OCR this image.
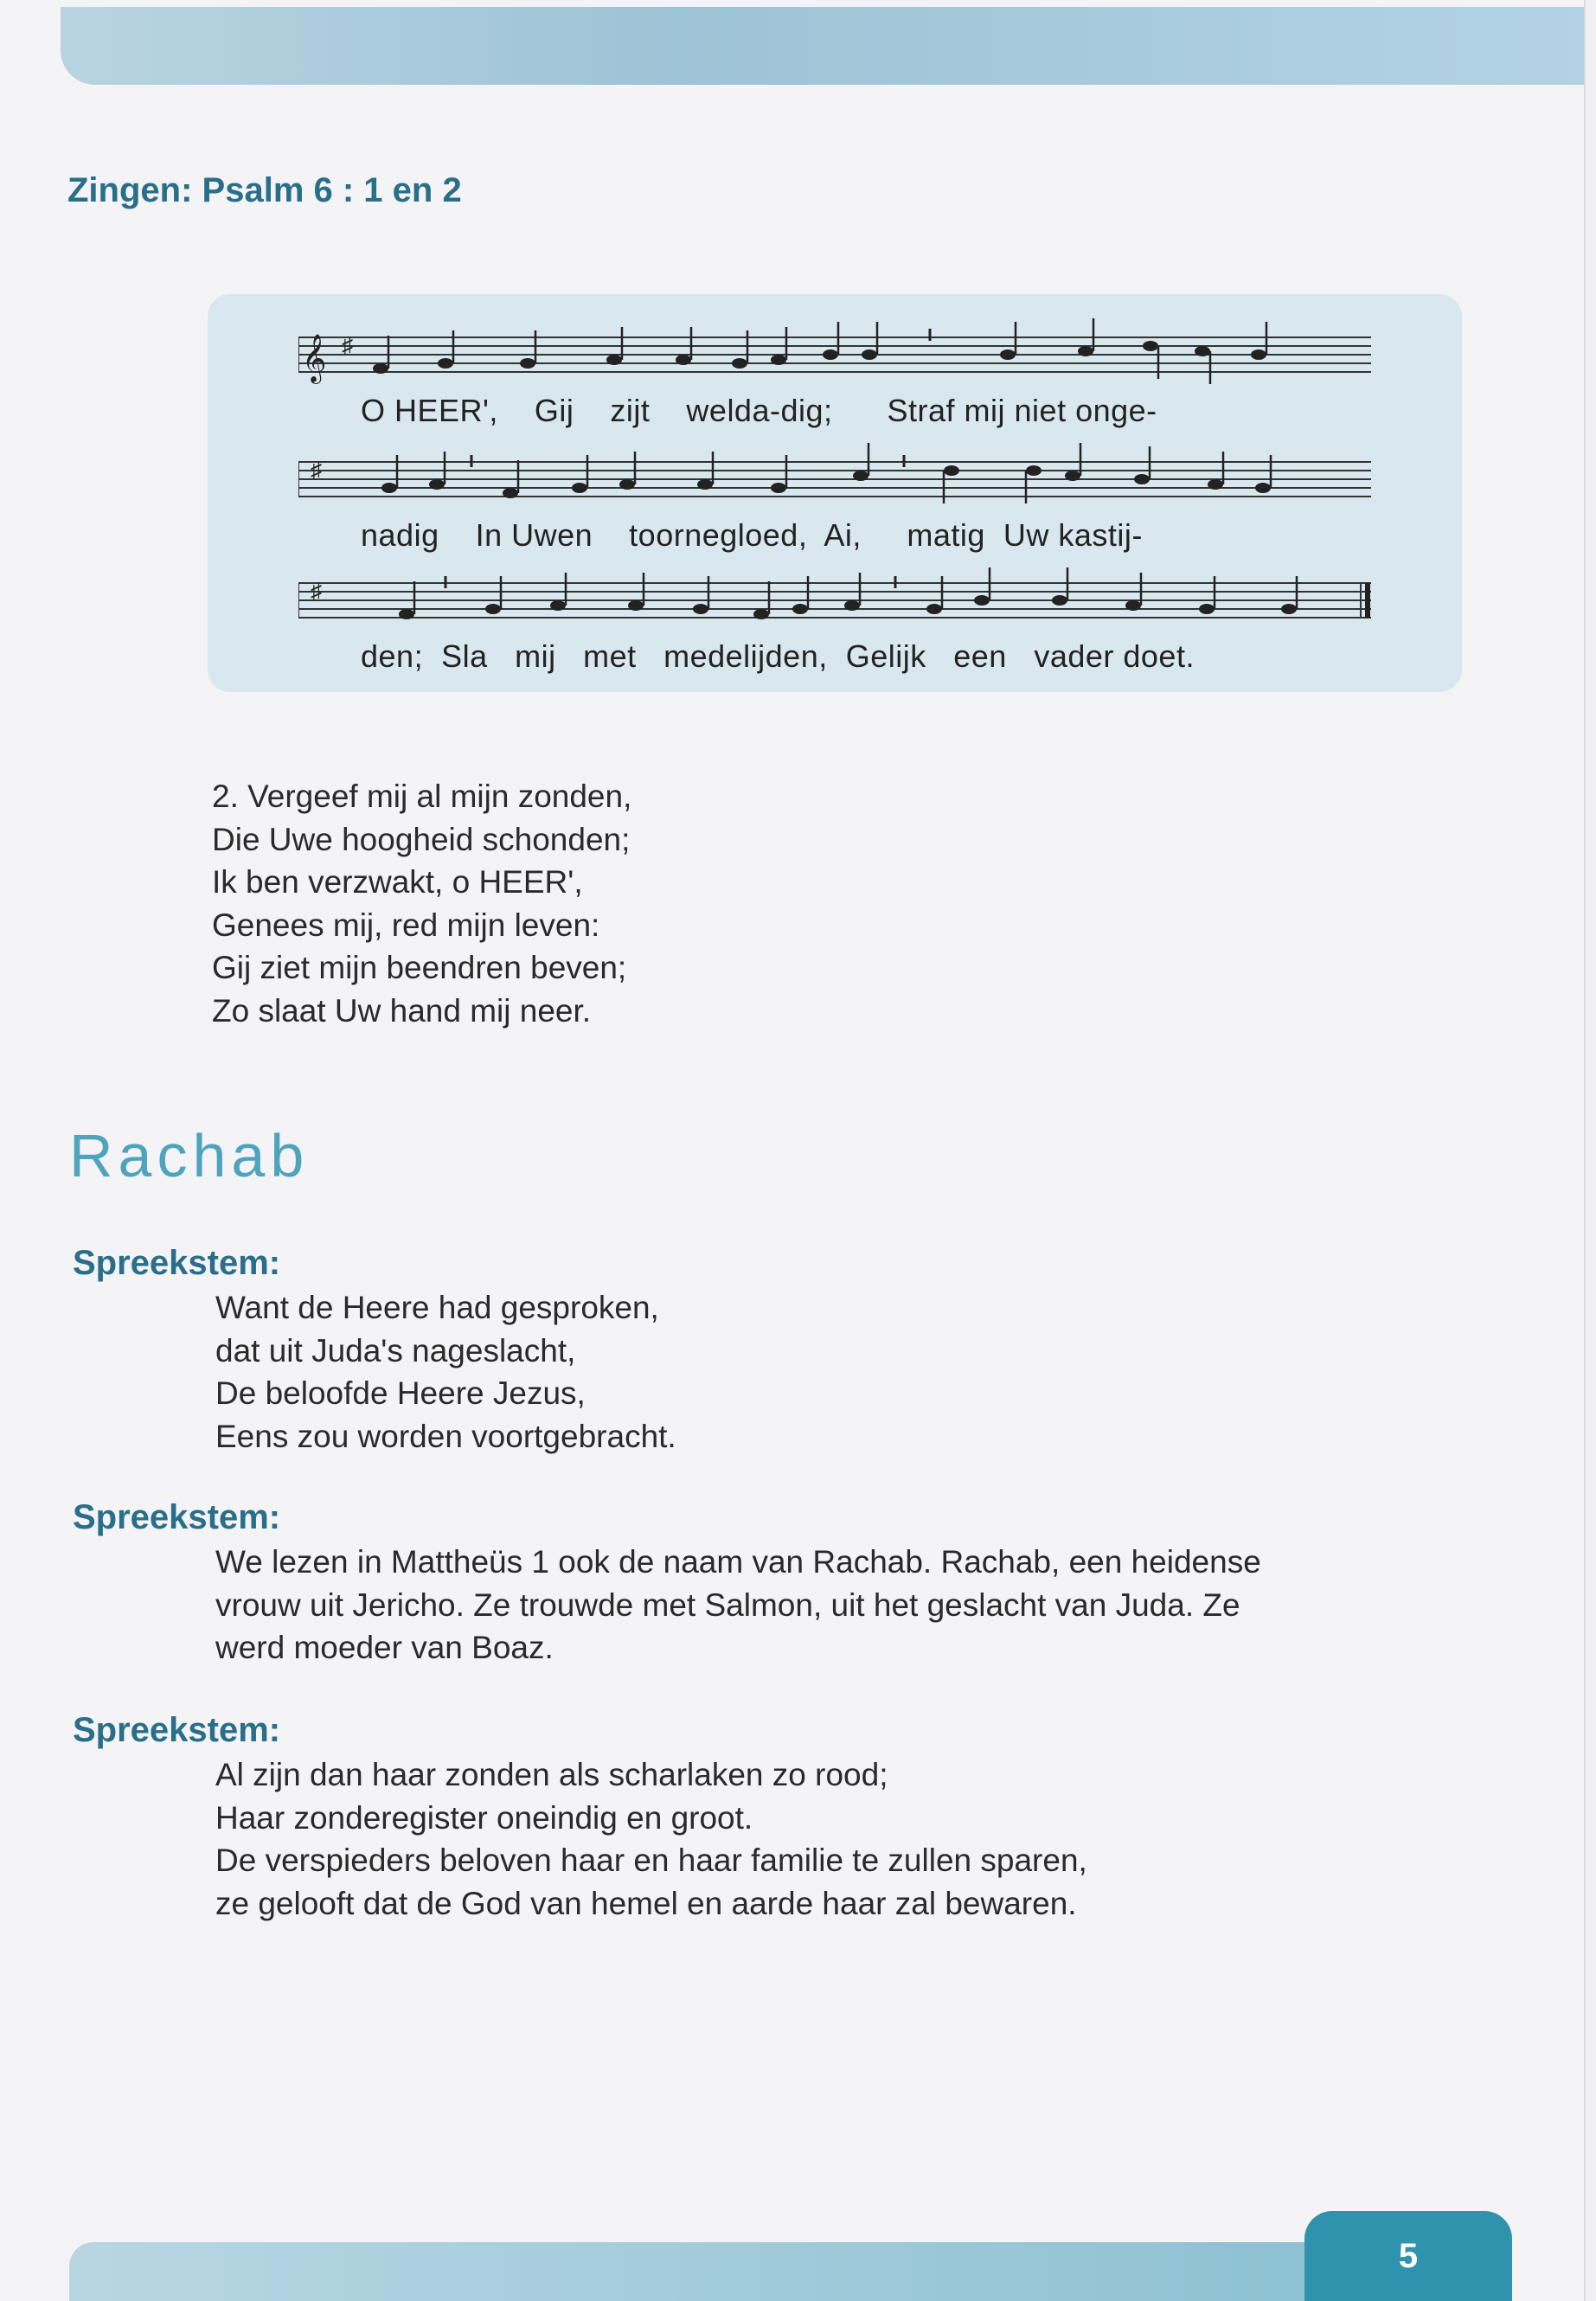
Zingen: Psalm 6 : 1 en 2
𝄞 ♯
O HEER',    Gij    zijt    welda-dig;      Straf mij niet onge-
♯
nadig    In Uwen    toornegloed,  Ai,     matig  Uw kastij-
♯
den;  Sla   mij   met   medelijden,  Gelijk   een   vader doet.
2. Vergeef mij al mijn zonden,
Die Uwe hoogheid schonden;
Ik ben verzwakt, o HEER',
Genees mij, red mijn leven:
Gij ziet mijn beendren beven;
Zo slaat Uw hand mij neer.
Rachab

Spreekstem:

Want de Heere had gesproken,
dat uit Juda's nageslacht,
De beloofde Heere Jezus,
Eens zou worden voortgebracht.

Spreekstem:

We lezen in Mattheüs 1 ook de naam van Rachab. Rachab, een heidense
vrouw uit Jericho. Ze trouwde met Salmon, uit het geslacht van Juda. Ze
werd moeder van Boaz.

Spreekstem:

Al zijn dan haar zonden als scharlaken zo rood;
Haar zonderegister oneindig en groot.
De verspieders beloven haar en haar familie te zullen sparen,
ze gelooft dat de God van hemel en aarde haar zal bewaren.
5
